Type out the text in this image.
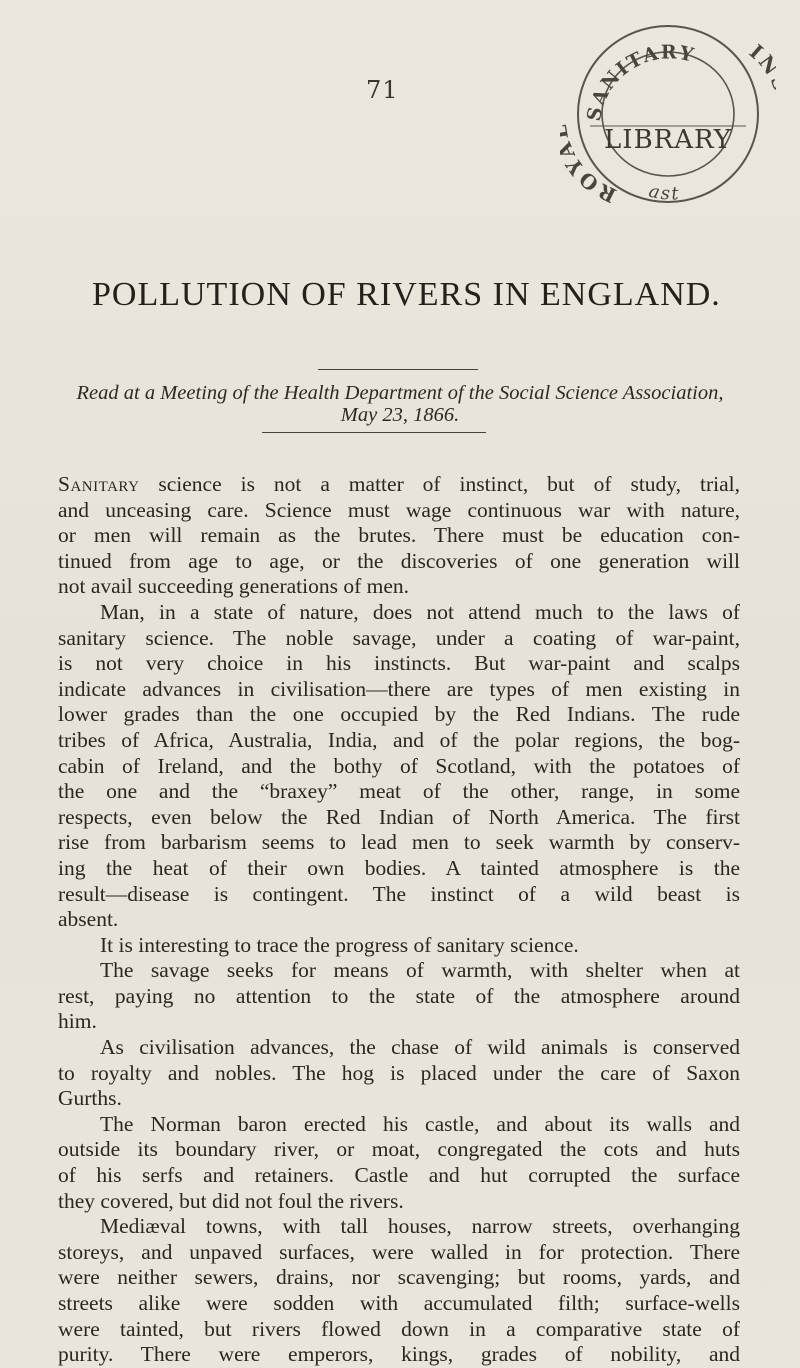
71
SANITARY
ROY
I
ast
LIBRARY
POLLUTION OF RIVERS IN ENGLAND.
Read at a Meeting of the Health Department of the Social Science Association,
May 23, 1866.
Sanitary science is not a matter of instinct, but of study, trial,
and unceasing care. Science must wage continuous war with nature,
or men will remain as the brutes. There must be education con-
tinued from age to age, or the discoveries of one generation will
not avail succeeding generations of men.
Man, in a state of nature, does not attend much to the laws of
sanitary science. The noble savage, under a coating of war-paint,
is not very choice in his instincts. But war-paint and scalps
indicate advances in civilisation—there are types of men existing in
lower grades than the one occupied by the Red Indians. The rude
tribes of Africa, Australia, India, and of the polar regions, the bog-
cabin of Ireland, and the bothy of Scotland, with the potatoes of
the one and the “braxey” meat of the other, range, in some
respects, even below the Red Indian of North America. The first
rise from barbarism seems to lead men to seek warmth by conserv-
ing the heat of their own bodies. A tainted atmosphere is the
result—disease is contingent. The instinct of a wild beast is
absent.
It is interesting to trace the progress of sanitary science.
The savage seeks for means of warmth, with shelter when at
rest, paying no attention to the state of the atmosphere around
him.
As civilisation advances, the chase of wild animals is conserved
to royalty and nobles. The hog is placed under the care of Saxon
Gurths.
The Norman baron erected his castle, and about its walls and
outside its boundary river, or moat, congregated the cots and huts
of his serfs and retainers. Castle and hut corrupted the surface
they covered, but did not foul the rivers.
Mediæval towns, with tall houses, narrow streets, overhanging
storeys, and unpaved surfaces, were walled in for protection. There
were neither sewers, drains, nor scavenging; but rooms, yards, and
streets alike were sodden with accumulated filth; surface-wells
were tainted, but rivers flowed down in a comparative state of
purity. There were emperors, kings, grades of nobility, and
